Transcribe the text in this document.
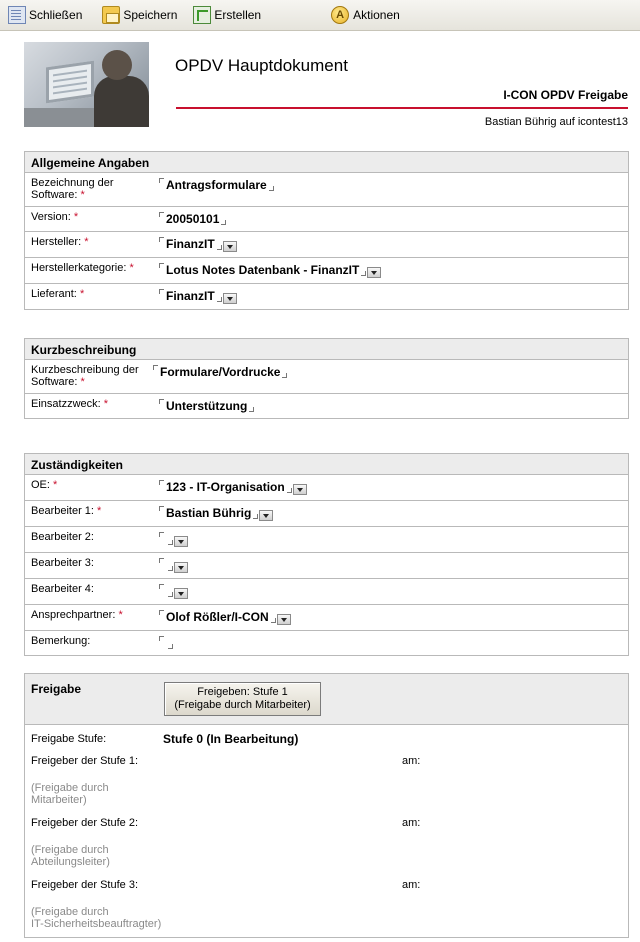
Schließen	Speichern	Erstellen	A Aktionen
OPDV Hauptdokument
I-CON OPDV Freigabe
Bastian Bührig auf icontest13
Allgemeine Angaben
Bezeichnung der Software: *
Antragsformulare
Version: *	20050101
Hersteller: *	FinanzIT
Herstellerkategorie: *	Lotus Notes Datenbank - FinanzIT
Lieferant: *	FinanzIT
Kurzbeschreibung
Kurzbeschreibung der Software: *
Formulare/Vordrucke
Einsatzzweck: *	Unterstützung
Zuständigkeiten
OE: *	123 - IT-Organisation
Bearbeiter 1: *	Bastian Bührig
Bearbeiter 2:
Bearbeiter 3:
Bearbeiter 4:
Ansprechpartner: *	Olof Rößler/I-CON
Bemerkung:
Freigabe	Freigeben: Stufe 1
(Freigabe durch Mitarbeiter)
Freigabe Stufe:	Stufe 0 (In Bearbeitung)
Freigeber der Stufe 1:	am:
(Freigabe durch
Mitarbeiter)
Freigeber der Stufe 2:	am:
(Freigabe durch
Abteilungsleiter)
Freigeber der Stufe 3:	am:
(Freigabe durch
IT-Sicherheitsbeauftragter)
